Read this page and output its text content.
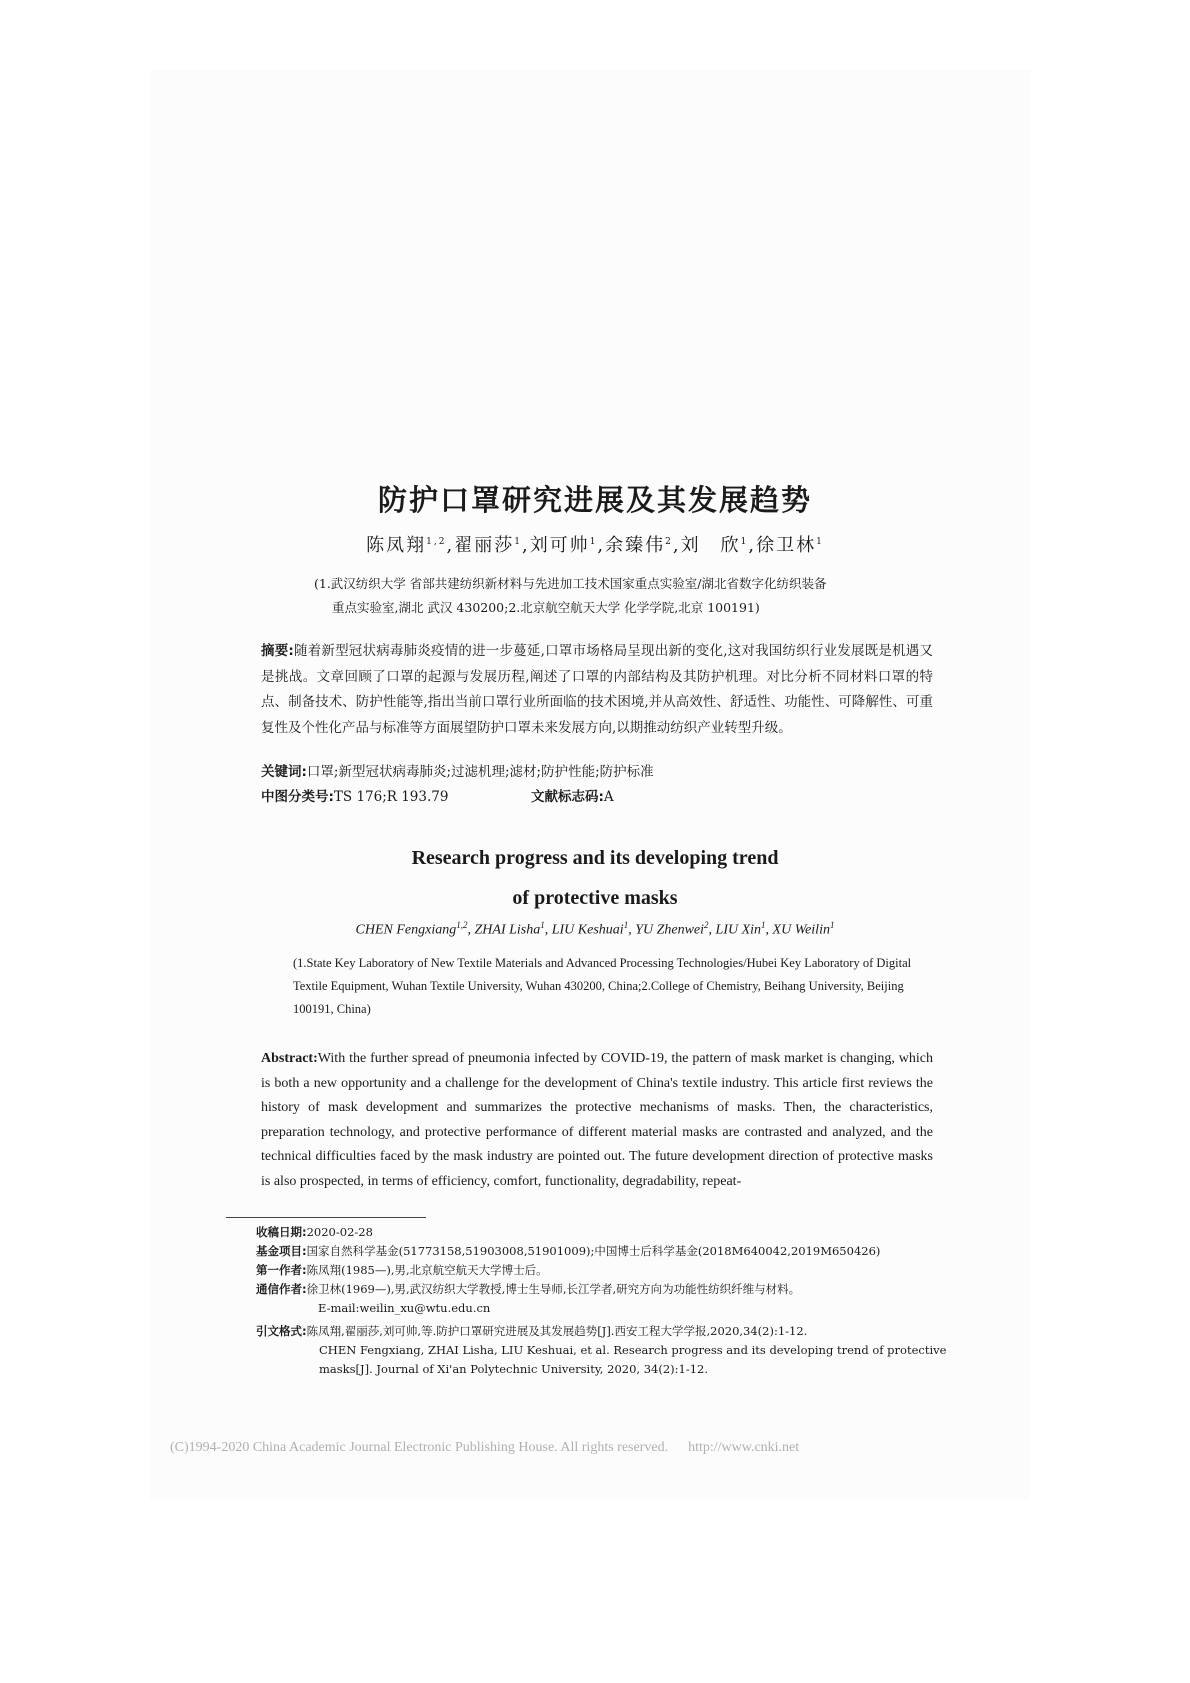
防护口罩研究进展及其发展趋势
陈凤翔$^{1,2}$,翟丽莎$^1$,刘可帅$^1$,余臻伟$^2$,刘　欣$^1$,徐卫林$^1$
(1.武汉纺织大学 省部共建纺织新材料与先进加工技术国家重点实验室/湖北省数字化纺织装备
重点实验室,湖北 武汉 430200;2.北京航空航天大学 化学学院,北京 100191)
摘要:随着新型冠状病毒肺炎疫情的进一步蔓延,口罩市场格局呈现出新的变化,这对我国纺织行业发展既是机遇又是挑战。文章回顾了口罩的起源与发展历程,阐述了口罩的内部结构及其防护机理。对比分析不同材料口罩的特点、制备技术、防护性能等,指出当前口罩行业所面临的技术困境,并从高效性、舒适性、功能性、可降解性、可重复性及个性化产品与标准等方面展望防护口罩未来发展方向,以期推动纺织产业转型升级。
关键词:口罩;新型冠状病毒肺炎;过滤机理;滤材;防护性能;防护标准
中图分类号:TS 176;R 193.79	文献标志码:A
Research progress and its developing trend
of protective masks
CHEN Fengxiang$^{1,2}$, ZHAI Lisha$^1$, LIU Keshuai$^1$, YU Zhenwei$^2$, LIU Xin$^1$, XU Weilin$^1$
(1.State Key Laboratory of New Textile Materials and Advanced Processing Technologies/Hubei Key Laboratory of Digital Textile Equipment, Wuhan Textile University, Wuhan 430200, China;2.College of Chemistry, Beihang University, Beijing 100191, China)
Abstract:With the further spread of pneumonia infected by COVID-19, the pattern of mask market is changing, which is both a new opportunity and a challenge for the development of China's textile industry. This article first reviews the history of mask development and summarizes the protective mechanisms of masks. Then, the characteristics, preparation technology, and protective performance of different material masks are contrasted and analyzed, and the technical difficulties faced by the mask industry are pointed out. The future development direction of protective masks is also prospected, in terms of efficiency, comfort, functionality, degradability, repeat-
收稿日期:2020-02-28
基金项目:国家自然科学基金(51773158,51903008,51901009);中国博士后科学基金(2018M640042,2019M650426)
第一作者:陈凤翔(1985—),男,北京航空航天大学博士后。
通信作者:徐卫林(1969—),男,武汉纺织大学教授,博士生导师,长江学者,研究方向为功能性纺织纤维与材料。
E-mail:weilin_xu@wtu.edu.cn
引文格式:陈凤翔,翟丽莎,刘可帅,等.防护口罩研究进展及其发展趋势[J].西安工程大学学报,2020,34(2):1-12.
CHEN Fengxiang, ZHAI Lisha, LIU Keshuai, et al. Research progress and its developing trend of protective masks[J]. Journal of Xi'an Polytechnic University, 2020, 34(2):1-12.
(C)1994-2020 China Academic Journal Electronic Publishing House. All rights reserved. http://www.cnki.net
